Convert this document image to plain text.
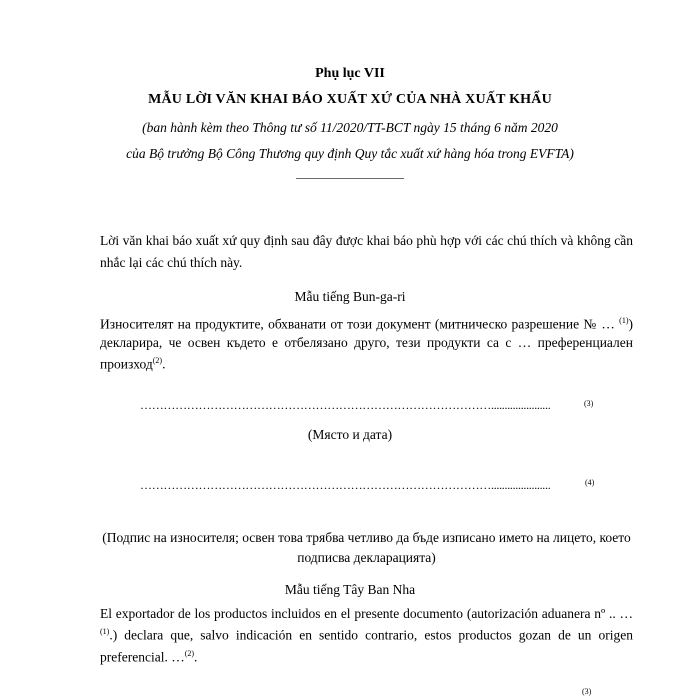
Phụ lục VII
MẪU LỜI VĂN KHAI BÁO XUẤT XỨ CỦA NHÀ XUẤT KHẨU
(ban hành kèm theo Thông tư số 11/2020/TT-BCT ngày 15 tháng 6 năm 2020
của Bộ trưởng Bộ Công Thương quy định Quy tắc xuất xứ hàng hóa trong EVFTA)
—————————
Lời văn khai báo xuất xứ quy định sau đây được khai báo phù hợp với các chú thích và không cần nhắc lại các chú thích này.
Mẫu tiếng Bun-ga-ri
Износителят на продуктите, обхванати от този документ (митническо разрешение № … $^{(1)}$) декларира, че освен където е отбелязано друго, тези продукти са с … преференциален произход$^{(2)}$.
………………………………………………………………………………......................	(3)
(Място и дата)
………………………………………………………………………………......................	(4)
(Подпис на износителя; освен това трябва четливо да бъде изписано името на лицето, което подписва декларацията)
Mẫu tiếng Tây Ban Nha
El exportador de los productos incluidos en el presente documento (autorización aduanera nº .. …$^{(1)}$.) declara que, salvo indicación en sentido contrario, estos productos gozan de un origen preferencial. …$^{(2)}$.
(3)
